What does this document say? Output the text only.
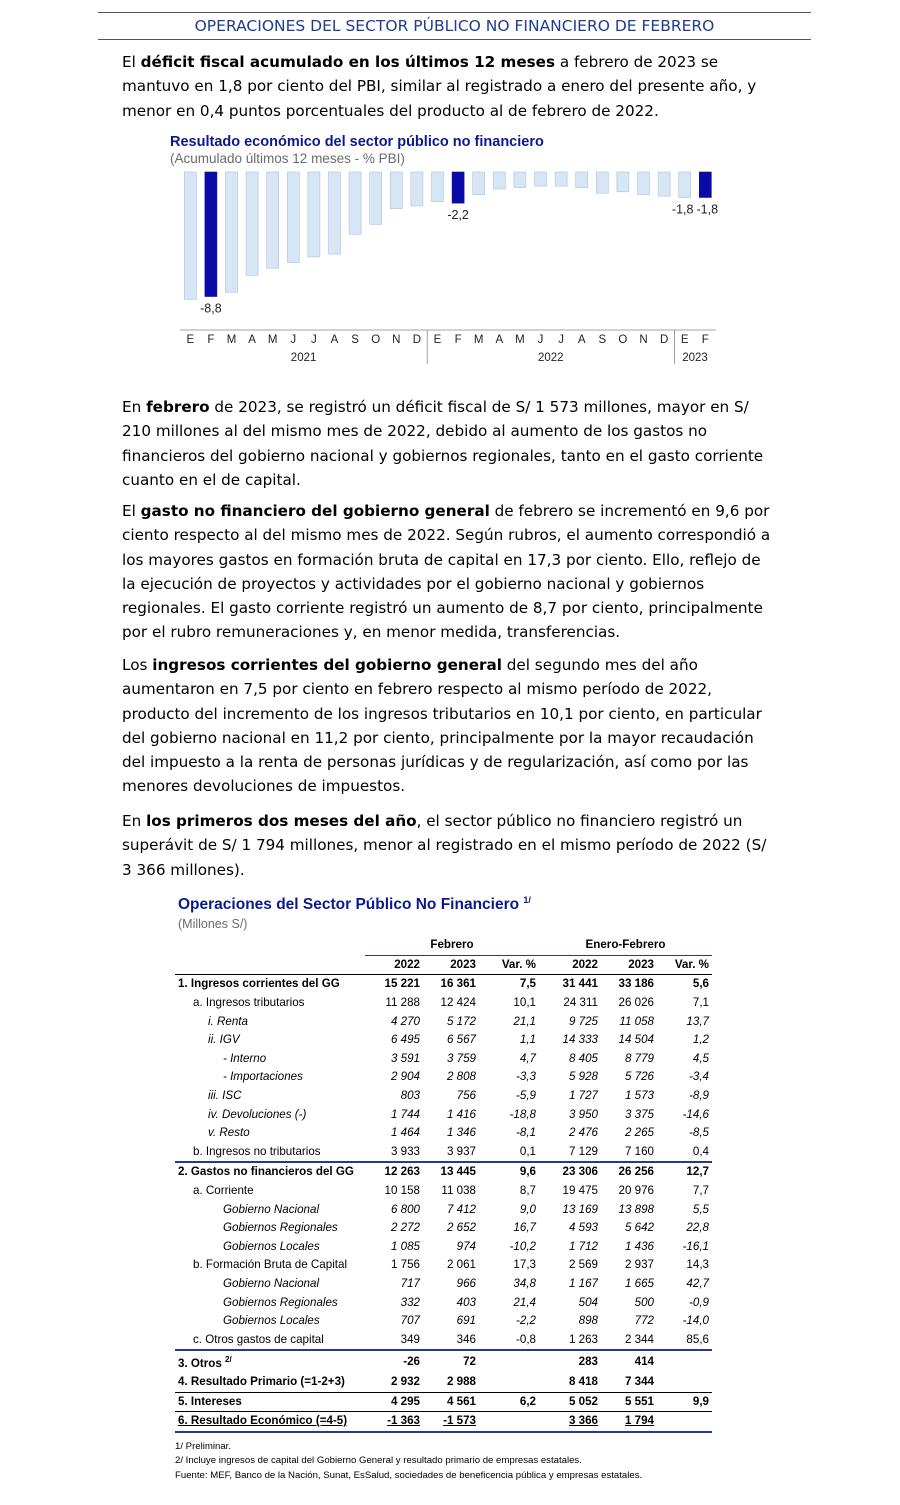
OPERACIONES DEL SECTOR PÚBLICO NO FINANCIERO DE FEBRERO

El déficit fiscal acumulado en los últimos 12 meses a febrero de 2023 se mantuvo en 1,8 por ciento del PBI, similar al registrado a enero del presente año, y menor en 0,4 puntos porcentuales del producto al de febrero de 2022.

Resultado económico del sector público no financiero
(Acumulado últimos 12 meses - % PBI)
E
-8,8
F M A M J J A S O N D E
-2,2
F M A M J J A S O N D
-1,8
E
-1,8
F
2021	2022	2023

En febrero de 2023, se registró un déficit fiscal de S/ 1 573 millones, mayor en S/ 210 millones al del mismo mes de 2022, debido al aumento de los gastos no financieros del gobierno nacional y gobiernos regionales, tanto en el gasto corriente cuanto en el de capital.

El gasto no financiero del gobierno general de febrero se incrementó en 9,6 por ciento respecto al del mismo mes de 2022. Según rubros, el aumento correspondió a los mayores gastos en formación bruta de capital en 17,3 por ciento. Ello, reflejo de la ejecución de proyectos y actividades por el gobierno nacional y gobiernos regionales. El gasto corriente registró un aumento de 8,7 por ciento, principalmente por el rubro remuneraciones y, en menor medida, transferencias.

Los ingresos corrientes del gobierno general del segundo mes del año aumentaron en 7,5 por ciento en febrero respecto al mismo período de 2022, producto del incremento de los ingresos tributarios en 10,1 por ciento, en particular del gobierno nacional en 11,2 por ciento, principalmente por la mayor recaudación del impuesto a la renta de personas jurídicas y de regularización, así como por las menores devoluciones de impuestos.

En los primeros dos meses del año, el sector público no financiero registró un superávit de S/ 1 794 millones, menor al registrado en el mismo período de 2022 (S/ 3 366 millones).

Operaciones del Sector Público No Financiero $^{1/}$
(Millones S/)
	Febrero			Enero-Febrero		
	2022	2023	Var. %	2022	2023	Var. %
1. Ingresos corrientes del GG	15 221	16 361	7,5	31 441	33 186	5,6
a. Ingresos tributarios	11 288	12 424	10,1	24 311	26 026	7,1
i. Renta	4 270	5 172	21,1	9 725	11 058	13,7
ii. IGV	6 495	6 567	1,1	14 333	14 504	1,2
- Interno	3 591	3 759	4,7	8 405	8 779	4,5
- Importaciones	2 904	2 808	-3,3	5 928	5 726	-3,4
iii. ISC	803	756	-5,9	1 727	1 573	-8,9
iv. Devoluciones (-)	1 744	1 416	-18,8	3 950	3 375	-14,6
v. Resto	1 464	1 346	-8,1	2 476	2 265	-8,5
b. Ingresos no tributarios	3 933	3 937	0,1	7 129	7 160	0,4
2. Gastos no financieros del GG	12 263	13 445	9,6	23 306	26 256	12,7
a. Corriente	10 158	11 038	8,7	19 475	20 976	7,7
Gobierno Nacional	6 800	7 412	9,0	13 169	13 898	5,5
Gobiernos Regionales	2 272	2 652	16,7	4 593	5 642	22,8
Gobiernos Locales	1 085	974	-10,2	1 712	1 436	-16,1
b. Formación Bruta de Capital	1 756	2 061	17,3	2 569	2 937	14,3
Gobierno Nacional	717	966	34,8	1 167	1 665	42,7
Gobiernos Regionales	332	403	21,4	504	500	-0,9
Gobiernos Locales	707	691	-2,2	898	772	-14,0
c. Otros gastos de capital	349	346	-0,8	1 263	2 344	85,6
3. Otros $^{2/}$	-26	72		283	414	
4. Resultado Primario (=1-2+3)	2 932	2 988		8 418	7 344	
5. Intereses	4 295	4 561	6,2	5 052	5 551	9,9
6. Resultado Económico (=4-5)	-1 363	-1 573		3 366	1 794	
1/ Preliminar.
2/ Incluye ingresos de capital del Gobierno General y resultado primario de empresas estatales.
Fuente: MEF, Banco de la Nación, Sunat, EsSalud, sociedades de beneficencia pública y empresas estatales.
